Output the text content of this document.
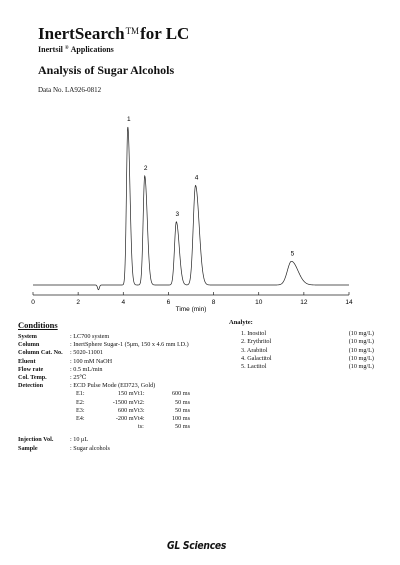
InertSearch™for LC
Inertsil ® Applications
Analysis of Sugar Alcohols
Data No. LA926-0812
0	2	4	6	8	10	12	14
1
2
3
4
5
Time (min)
Conditions
System	: LC700 system
Column	: InertSphere Sugar-1 (5μm, 150 x 4.6 mm I.D.)
Column Cat. No.	: 5020-11001
Eluent	: 100 mM NaOH
Flow rate	: 0.5 mL/min
Col. Temp.	: 25℃
Detection	: ECD Pulse Mode (ED723, Gold)
E1:	150 mV t1:	600 ms
E2:	-1500 mV t2:	50 ms
E3:	600 mV t3:	50 ms
E4:	-200 mV t4:	100 ms
ts:	50 ms
Injection Vol.	: 10 μL
Sample	: Sugar alcohols
Analyte:
1. Inositol	(10 mg/L)
2. Erythritol	(10 mg/L)
3. Arabitol	(10 mg/L)
4. Galactitol	(10 mg/L)
5. Lactitol	(10 mg/L)
GL Sciences
